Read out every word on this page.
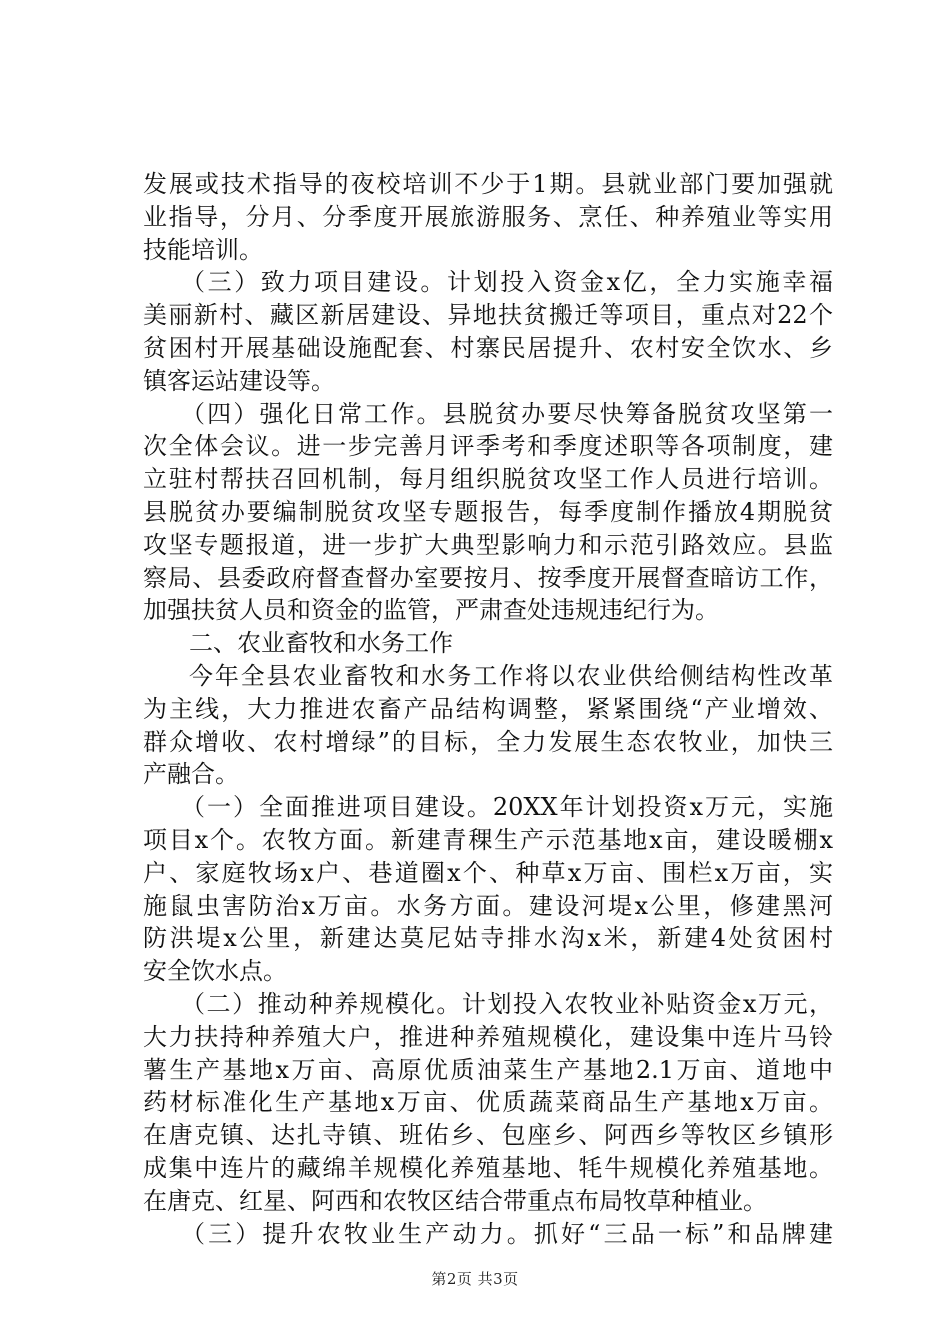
发展或技术指导的夜校培训不少于1期。县就业部门要加强就
业指导，分月、分季度开展旅游服务、烹任、种养殖业等实用
技能培训。
（三）致力项目建设。计划投入资金x亿，全力实施幸福
美丽新村、藏区新居建设、异地扶贫搬迁等项目，重点对22个
贫困村开展基础设施配套、村寨民居提升、农村安全饮水、乡
镇客运站建设等。
（四）强化日常工作。县脱贫办要尽快筹备脱贫攻坚第一
次全体会议。进一步完善月评季考和季度述职等各项制度，建
立驻村帮扶召回机制，每月组织脱贫攻坚工作人员进行培训。
县脱贫办要编制脱贫攻坚专题报告，每季度制作播放4期脱贫
攻坚专题报道，进一步扩大典型影响力和示范引路效应。县监
察局、县委政府督查督办室要按月、按季度开展督查暗访工作，
加强扶贫人员和资金的监管，严肃查处违规违纪行为。
二、农业畜牧和水务工作
今年全县农业畜牧和水务工作将以农业供给侧结构性改革
为主线，大力推进农畜产品结构调整，紧紧围绕“产业增效、
群众增收、农村增绿”的目标，全力发展生态农牧业，加快三
产融合。
（一）全面推进项目建设。20XX年计划投资x万元，实施
项目x个。农牧方面。新建青稞生产示范基地x亩，建设暖棚x
户、家庭牧场x户、巷道圈x个、种草x万亩、围栏x万亩，实
施鼠虫害防治x万亩。水务方面。建设河堤x公里，修建黑河
防洪堤x公里，新建达莫尼姑寺排水沟x米，新建4处贫困村
安全饮水点。
（二）推动种养规模化。计划投入农牧业补贴资金x万元，
大力扶持种养殖大户，推进种养殖规模化，建设集中连片马铃
薯生产基地x万亩、高原优质油菜生产基地2.1万亩、道地中
药材标准化生产基地x万亩、优质蔬菜商品生产基地x万亩。
在唐克镇、达扎寺镇、班佑乡、包座乡、阿西乡等牧区乡镇形
成集中连片的藏绵羊规模化养殖基地、牦牛规模化养殖基地。
在唐克、红星、阿西和农牧区结合带重点布局牧草种植业。
（三）提升农牧业生产动力。抓好“三品一标”和品牌建
第2页 共3页
